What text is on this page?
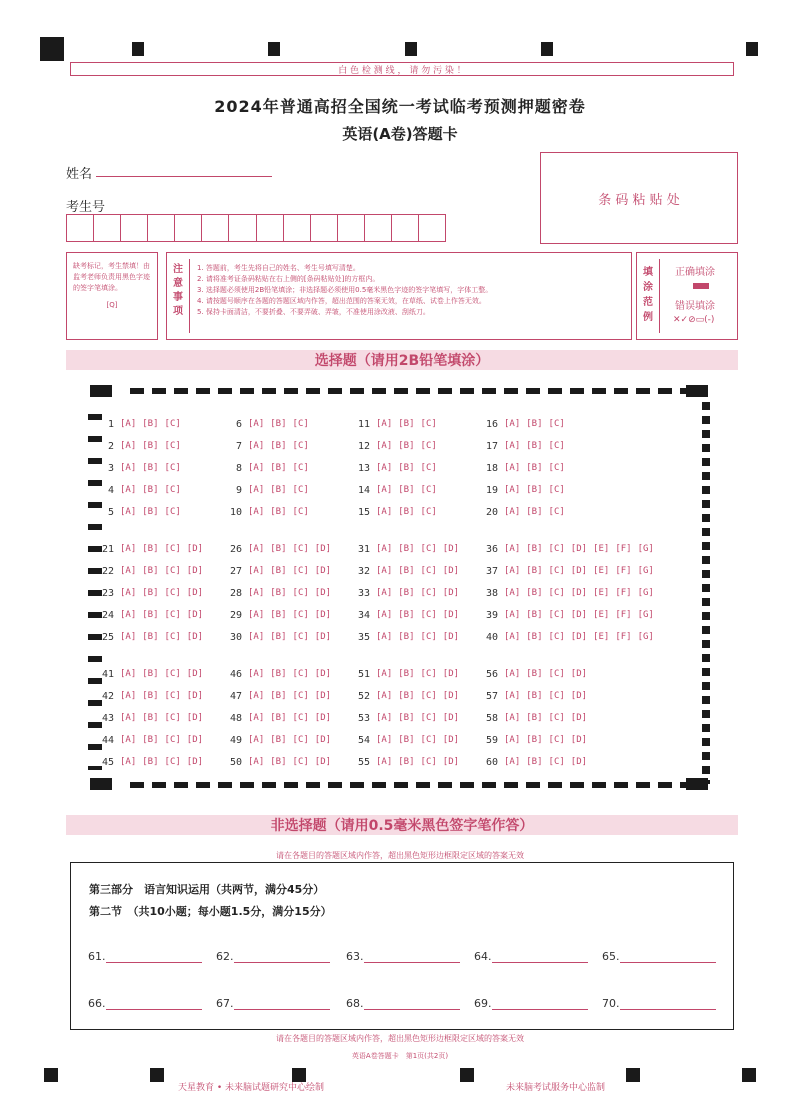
白 色 检 测 线 ， 请 勿 污 染 ！
2024年普通高招全国统一考试临考预测押题密卷
英语(A卷)答题卡
姓名
考生号	条 码 粘 贴 处
缺考标记，考生禁填！由监考老师负责用黑色字迹的签字笔填涂。
[Q]
注意事项
1. 答题前，考生先将自己的姓名、考生号填写清楚。
2. 请将准考证条码粘贴在右上侧的[条码粘贴处]的方框内。
3. 选择题必须使用2B铅笔填涂；非选择题必须使用0.5毫米黑色字迹的签字笔填写，字体工整。
4. 请按题号顺序在各题的答题区域内作答，超出范围的答案无效，在草纸、试卷上作答无效。
5. 保持卡面清洁，不要折叠、不要弄破、弄皱，不准使用涂改液、刮纸刀。
填涂范例
正确填涂
错误填涂
✕✓⊘▭(-)
选择题（请用2B铅笔填涂）
1 [A] [B] [C]
2 [A] [B] [C]
3 [A] [B] [C]
4 [A] [B] [C]
5 [A] [B] [C]
6 [A] [B] [C]
7 [A] [B] [C]
8 [A] [B] [C]
9 [A] [B] [C]
10 [A] [B] [C]
11 [A] [B] [C]
12 [A] [B] [C]
13 [A] [B] [C]
14 [A] [B] [C]
15 [A] [B] [C]
16 [A] [B] [C]
17 [A] [B] [C]
18 [A] [B] [C]
19 [A] [B] [C]
20 [A] [B] [C]
21 [A] [B] [C] [D]
22 [A] [B] [C] [D]
23 [A] [B] [C] [D]
24 [A] [B] [C] [D]
25 [A] [B] [C] [D]
26 [A] [B] [C] [D]
27 [A] [B] [C] [D]
28 [A] [B] [C] [D]
29 [A] [B] [C] [D]
30 [A] [B] [C] [D]
31 [A] [B] [C] [D]
32 [A] [B] [C] [D]
33 [A] [B] [C] [D]
34 [A] [B] [C] [D]
35 [A] [B] [C] [D]
36 [A] [B] [C] [D] [E] [F] [G]
37 [A] [B] [C] [D] [E] [F] [G]
38 [A] [B] [C] [D] [E] [F] [G]
39 [A] [B] [C] [D] [E] [F] [G]
40 [A] [B] [C] [D] [E] [F] [G]
41 [A] [B] [C] [D]
42 [A] [B] [C] [D]
43 [A] [B] [C] [D]
44 [A] [B] [C] [D]
45 [A] [B] [C] [D]
46 [A] [B] [C] [D]
47 [A] [B] [C] [D]
48 [A] [B] [C] [D]
49 [A] [B] [C] [D]
50 [A] [B] [C] [D]
51 [A] [B] [C] [D]
52 [A] [B] [C] [D]
53 [A] [B] [C] [D]
54 [A] [B] [C] [D]
55 [A] [B] [C] [D]
56 [A] [B] [C] [D]
57 [A] [B] [C] [D]
58 [A] [B] [C] [D]
59 [A] [B] [C] [D]
60 [A] [B] [C] [D]
非选择题（请用0.5毫米黑色签字笔作答）
请在各题目的答题区域内作答，超出黑色矩形边框限定区域的答案无效
第三部分　语言知识运用（共两节，满分45分）
第二节　（共10小题；每小题1.5分，满分15分）
61.	62.	63.	64.	65.
66.	67.	68.	69.	70.
请在各题目的答题区域内作答，超出黑色矩形边框限定区域的答案无效
英语A卷答题卡　第1页(共2页)
天星教育 • 未来脑试题研究中心绘制	未来脑考试服务中心监制
